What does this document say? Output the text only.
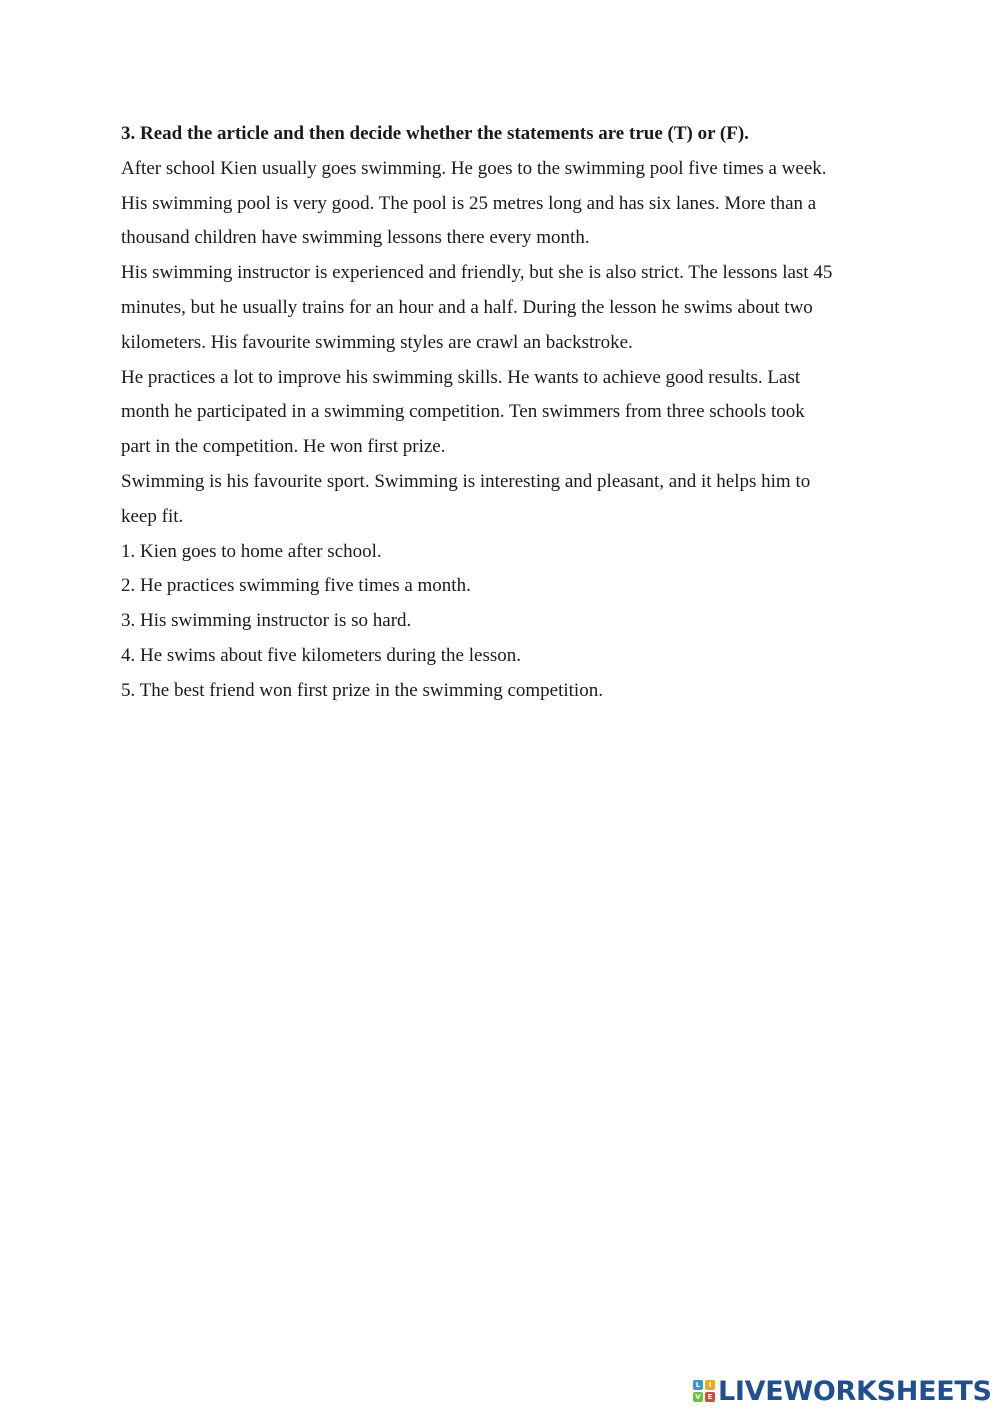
3. Read the article and then decide whether the statements are true (T) or (F).

After school Kien usually goes swimming. He goes to the swimming pool five times a week.

His swimming pool is very good. The pool is 25 metres long and has six lanes. More than a

thousand children have swimming lessons there every month.

His swimming instructor is experienced and friendly, but she is also strict. The lessons last 45

minutes, but he usually trains for an hour and a half. During the lesson he swims about two

kilometers. His favourite swimming styles are crawl an backstroke.

He practices a lot to improve his swimming skills. He wants to achieve good results. Last

month he participated in a swimming competition. Ten swimmers from three schools took

part in the competition. He won first prize.

Swimming is his favourite sport. Swimming is interesting and pleasant, and it helps him to

keep fit.

1. Kien goes to home after school.

2. He practices swimming five times a month.

3. His swimming instructor is so hard.

4. He swims about five kilometers during the lesson.

5. The best friend won first prize in the swimming competition.

L	I
V E LIVEWORKSHEETS
